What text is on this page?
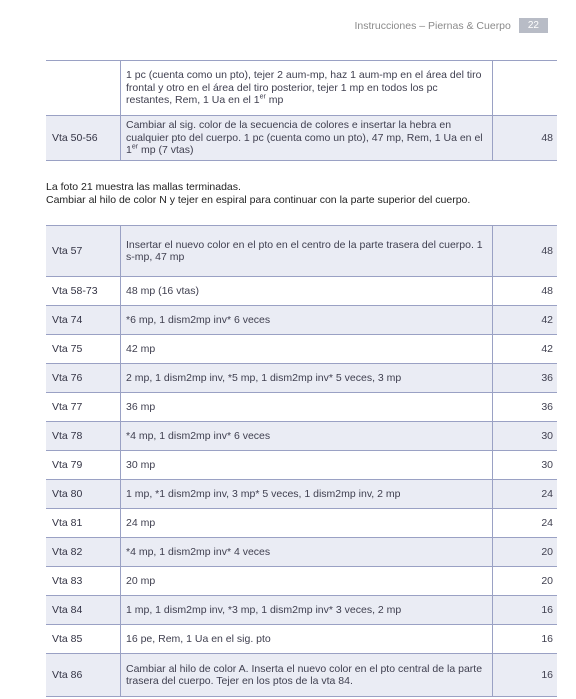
Instrucciones – Piernas & Cuerpo	22
	1 pc (cuenta como un pto), tejer 2 aum-mp, haz 1 aum-mp en el área del tiro frontal y otro en el área del tiro posterior, tejer 1 mp en todos los pc restantes, Rem, 1 Ua en el 1er mp	
Vta 50-56	Cambiar al sig. color de la secuencia de colores e insertar la hebra en cualquier pto del cuerpo. 1 pc (cuenta como un pto), 47 mp, Rem, 1 Ua en el 1er mp (7 vtas)	48
La foto 21 muestra las mallas terminadas.
Cambiar al hilo de color N y tejer en espiral para continuar con la parte superior del cuerpo.
Vta 57	Insertar el nuevo color en el pto en el centro de la parte trasera del cuerpo. 1 s-mp, 47 mp	48
Vta 58-73	48 mp (16 vtas)	48
Vta 74	*6 mp, 1 dism2mp inv* 6 veces	42
Vta 75	42 mp	42
Vta 76	2 mp, 1 dism2mp inv, *5 mp, 1 dism2mp inv* 5 veces, 3 mp	36
Vta 77	36 mp	36
Vta 78	*4 mp, 1 dism2mp inv* 6 veces	30
Vta 79	30 mp	30
Vta 80	1 mp, *1 dism2mp inv, 3 mp* 5 veces, 1 dism2mp inv, 2 mp	24
Vta 81	24 mp	24
Vta 82	*4 mp, 1 dism2mp inv* 4 veces	20
Vta 83	20 mp	20
Vta 84	1 mp, 1 dism2mp inv, *3 mp, 1 dism2mp inv* 3 veces, 2 mp	16
Vta 85	16 pe, Rem, 1 Ua en el sig. pto	16
Vta 86	Cambiar al hilo de color A. Inserta el nuevo color en el pto central de la parte trasera del cuerpo. Tejer en los ptos de la vta 84.	16
